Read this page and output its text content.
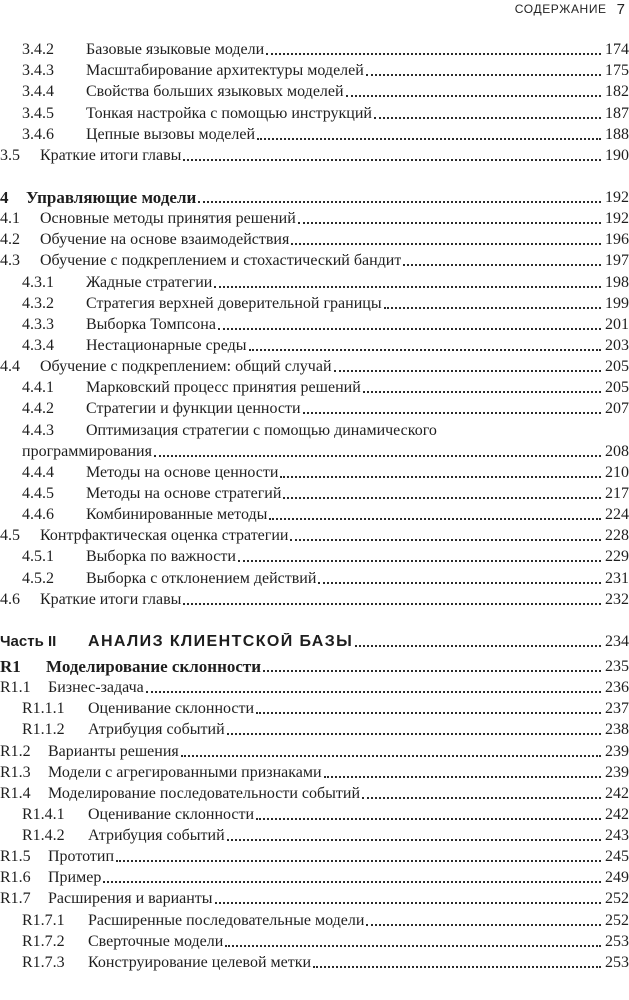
СОДЕРЖАНИЕ 7
3.4.2	Базовые языковые модели	174
3.4.3	Масштабирование архитектуры моделей	175
3.4.4	Свойства больших языковых моделей	182
3.4.5	Тонкая настройка с помощью инструкций	187
3.4.6	Цепные вызовы моделей	188
3.5	Краткие итоги главы	190
4	Управляющие модели	192
4.1	Основные методы принятия решений	192
4.2	Обучение на основе взаимодействия	196
4.3	Обучение с подкреплением и стохастический бандит	197
4.3.1	Жадные стратегии	198
4.3.2	Стратегия верхней доверительной границы	199
4.3.3	Выборка Томпсона	201
4.3.4	Нестационарные среды	203
4.4	Обучение с подкреплением: общий случай	205
4.4.1	Марковский процесс принятия решений	205
4.4.2	Стратегии и функции ценности	207
4.4.3	Оптимизация стратегии с помощью динамического
программирования	208
4.4.4	Методы на основе ценности	210
4.4.5	Методы на основе стратегий	217
4.4.6	Комбинированные методы	224
4.5	Контрфактическая оценка стратегии	228
4.5.1	Выборка по важности	229
4.5.2	Выборка с отклонением действий	231
4.6	Краткие итоги главы	232
Часть II	АНАЛИЗ КЛИЕНТСКОЙ БАЗЫ	234
R1	Моделирование склонности	235
R1.1	Бизнес-задача	236
R1.1.1	Оценивание склонности	237
R1.1.2	Атрибуция событий	238
R1.2	Варианты решения	239
R1.3	Модели с агрегированными признаками	239
R1.4	Моделирование последовательности событий	242
R1.4.1	Оценивание склонности	242
R1.4.2	Атрибуция событий	243
R1.5	Прототип	245
R1.6	Пример	249
R1.7	Расширения и варианты	252
R1.7.1	Расширенные последовательные модели	252
R1.7.2	Сверточные модели	253
R1.7.3	Конструирование целевой метки	253
